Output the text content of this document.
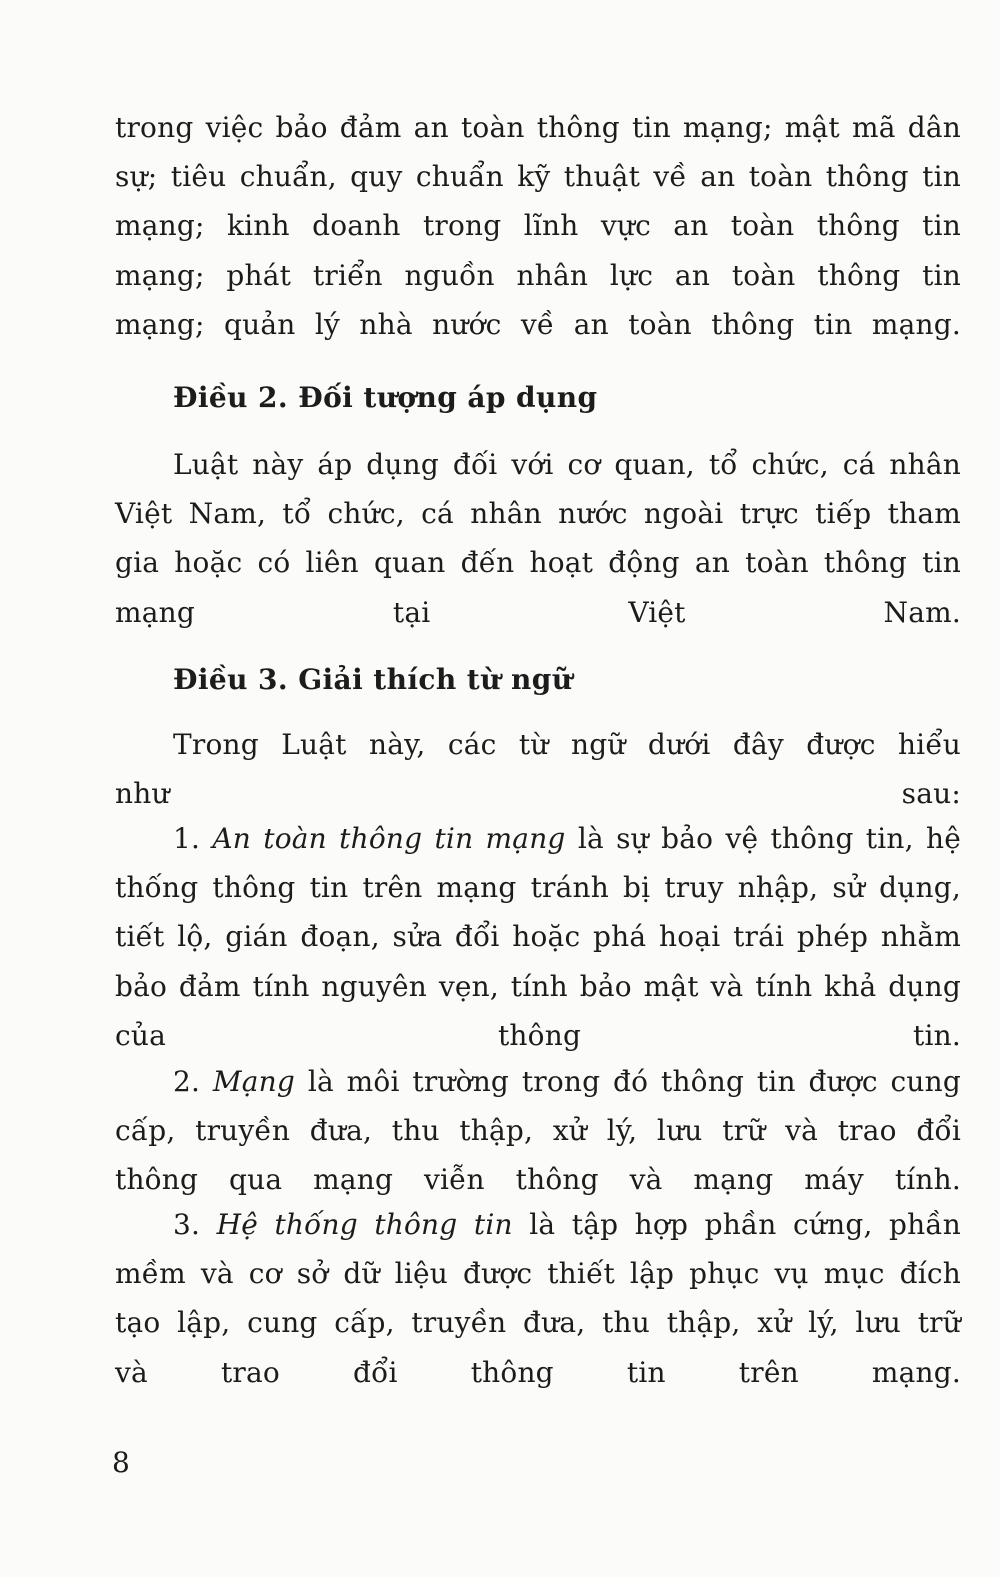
trong việc bảo đảm an toàn thông tin mạng; mật mã dân
sự; tiêu chuẩn, quy chuẩn kỹ thuật về an toàn thông tin
mạng; kinh doanh trong lĩnh vực an toàn thông tin
mạng; phát triển nguồn nhân lực an toàn thông tin
mạng; quản lý nhà nước về an toàn thông tin mạng.
Điều 2. Đối tượng áp dụng
Luật này áp dụng đối với cơ quan, tổ chức, cá nhân
Việt Nam, tổ chức, cá nhân nước ngoài trực tiếp tham
gia hoặc có liên quan đến hoạt động an toàn thông tin
mạng tại Việt Nam.
Điều 3. Giải thích từ ngữ
Trong Luật này, các từ ngữ dưới đây được hiểu
như sau:
1. An toàn thông tin mạng là sự bảo vệ thông tin, hệ
thống thông tin trên mạng tránh bị truy nhập, sử dụng,
tiết lộ, gián đoạn, sửa đổi hoặc phá hoại trái phép nhằm
bảo đảm tính nguyên vẹn, tính bảo mật và tính khả dụng
của thông tin.
2. Mạng là môi trường trong đó thông tin được cung
cấp, truyền đưa, thu thập, xử lý, lưu trữ và trao đổi
thông qua mạng viễn thông và mạng máy tính.
3. Hệ thống thông tin là tập hợp phần cứng, phần
mềm và cơ sở dữ liệu được thiết lập phục vụ mục đích
tạo lập, cung cấp, truyền đưa, thu thập, xử lý, lưu trữ
và trao đổi thông tin trên mạng.
8
